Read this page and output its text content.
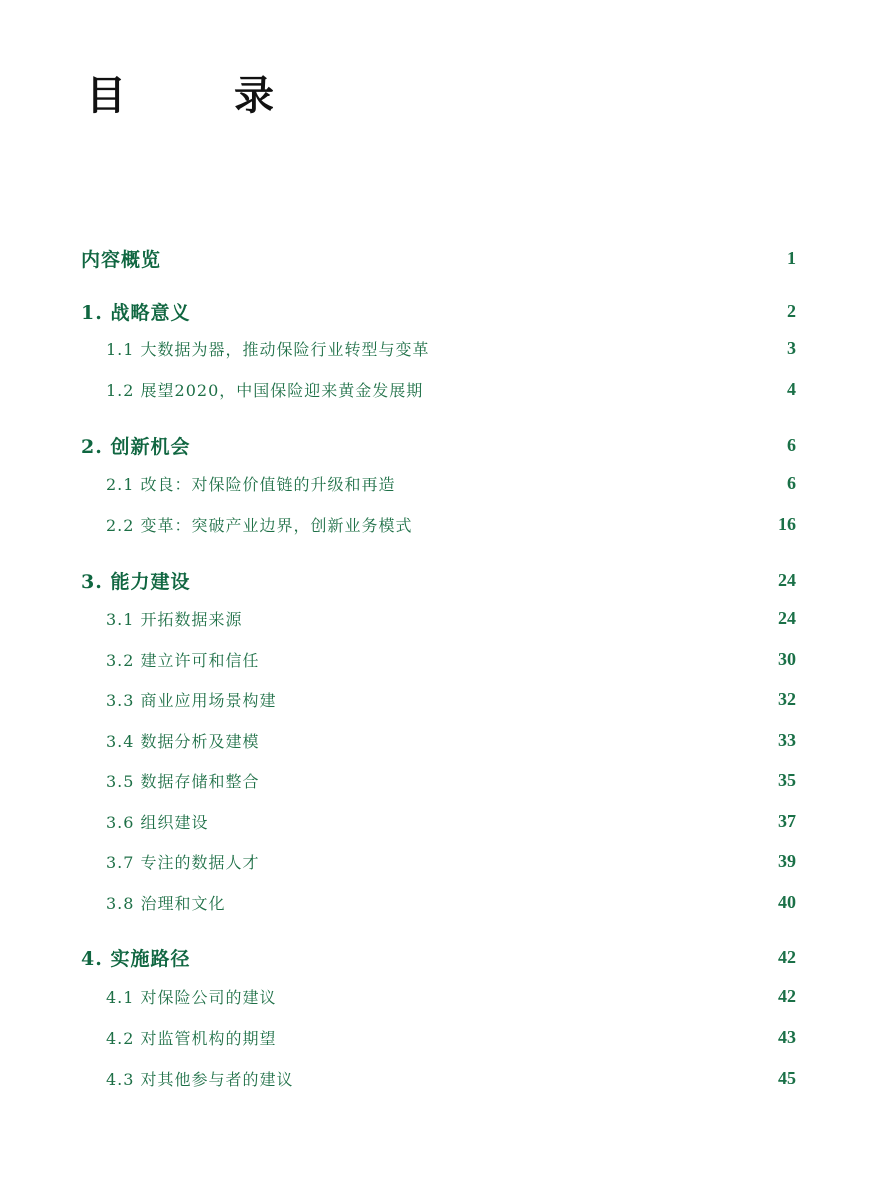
目　录
内容概览	1
1. 战略意义	2
1.1 大数据为器，推动保险行业转型与变革	3
1.2 展望2020，中国保险迎来黄金发展期	4
2. 创新机会	6
2.1 改良：对保险价值链的升级和再造	6
2.2 变革：突破产业边界，创新业务模式	16
3. 能力建设	24
3.1 开拓数据来源	24
3.2 建立许可和信任	30
3.3 商业应用场景构建	32
3.4 数据分析及建模	33
3.5 数据存储和整合	35
3.6 组织建设	37
3.7 专注的数据人才	39
3.8 治理和文化	40
4. 实施路径	42
4.1 对保险公司的建议	42
4.2 对监管机构的期望	43
4.3 对其他参与者的建议	45
